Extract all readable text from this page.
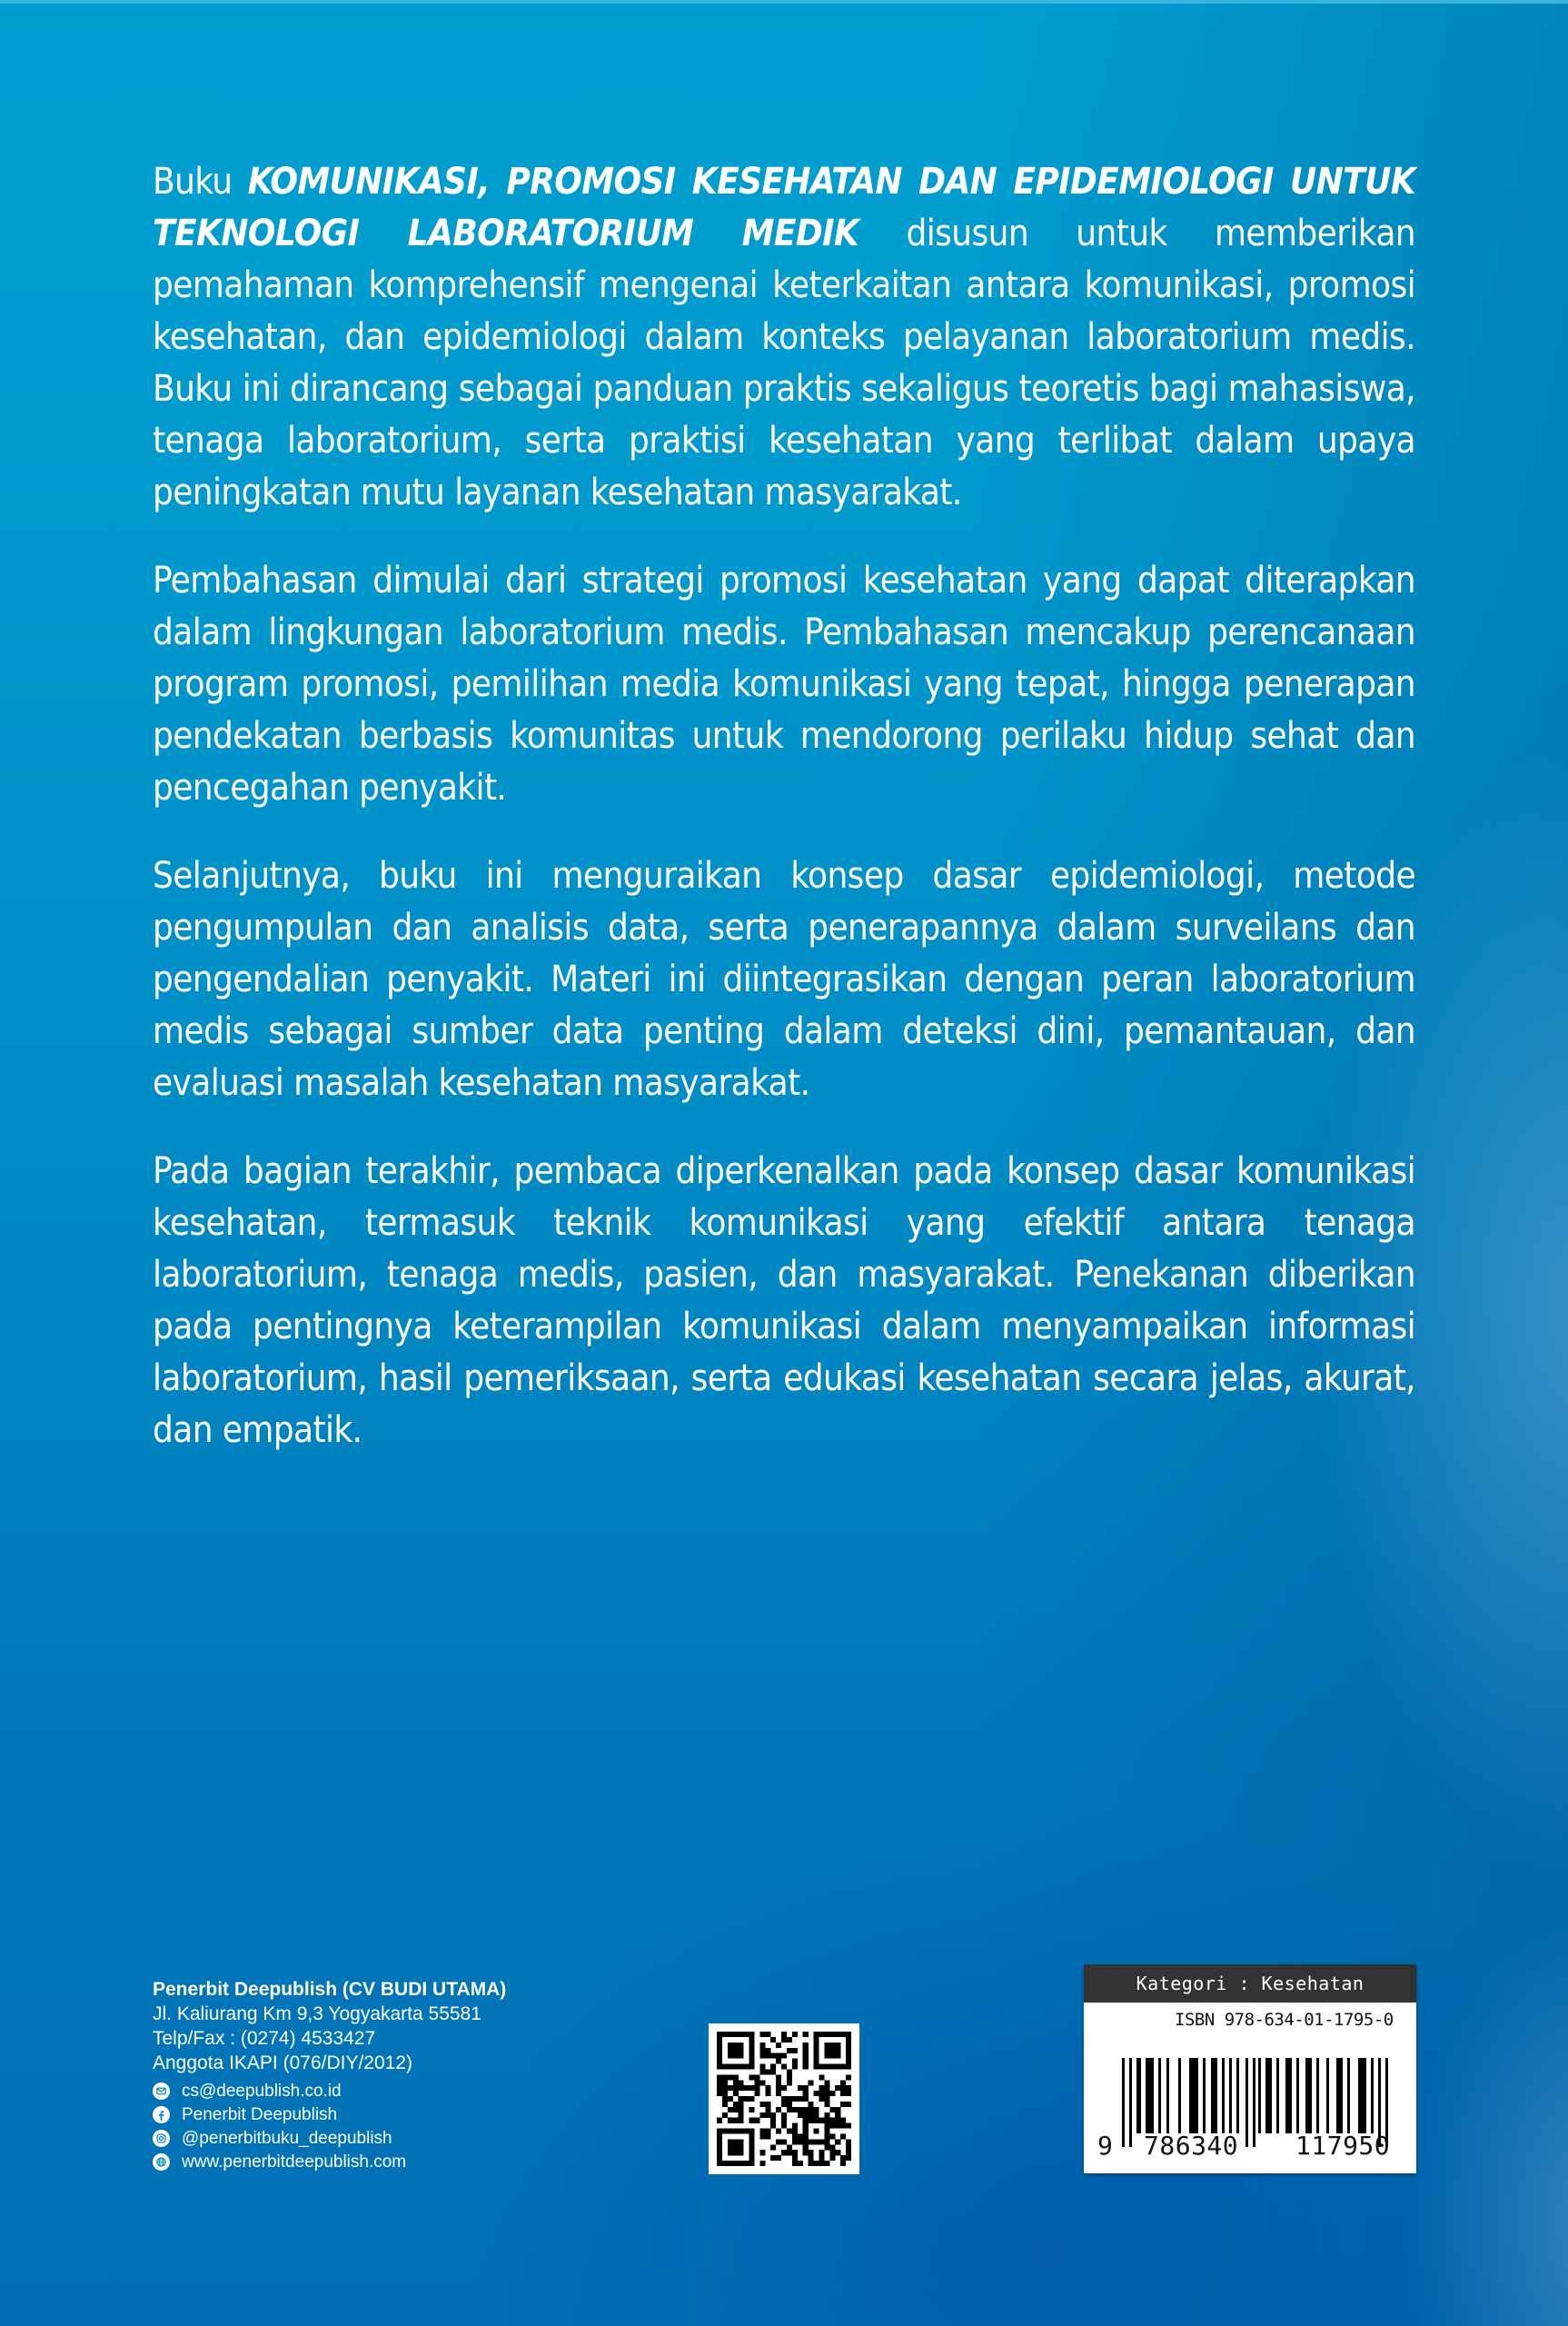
Buku KOMUNIKASI, PROMOSI KESEHATAN DAN EPIDEMIOLOGI UNTUK TEKNOLOGI LABORATORIUM MEDIK disusun untuk memberikan pemahaman komprehensif mengenai keterkaitan antara komunikasi, promosi kesehatan, dan epidemiologi dalam konteks pelayanan laboratorium medis. Buku ini dirancang sebagai panduan praktis sekaligus teoretis bagi mahasiswa, tenaga laboratorium, serta praktisi kesehatan yang terlibat dalam upaya peningkatan mutu layanan kesehatan masyarakat.

Pembahasan dimulai dari strategi promosi kesehatan yang dapat diterapkan dalam lingkungan laboratorium medis. Pembahasan mencakup perencanaan program promosi, pemilihan media komunikasi yang tepat, hingga penerapan pendekatan berbasis komunitas untuk mendorong perilaku hidup sehat dan pencegahan penyakit.

Selanjutnya, buku ini menguraikan konsep dasar epidemiologi, metode pengumpulan dan analisis data, serta penerapannya dalam surveilans dan pengendalian penyakit. Materi ini diintegrasikan dengan peran laboratorium medis sebagai sumber data penting dalam deteksi dini, pemantauan, dan evaluasi masalah kesehatan masyarakat.

Pada bagian terakhir, pembaca diperkenalkan pada konsep dasar komunikasi kesehatan, termasuk teknik komunikasi yang efektif antara tenaga laboratorium, tenaga medis, pasien, dan masyarakat. Penekanan diberikan pada pentingnya keterampilan komunikasi dalam menyampaikan informasi laboratorium, hasil pemeriksaan, serta edukasi kesehatan secara jelas, akurat, dan empatik.

Penerbit Deepublish (CV BUDI UTAMA)
Jl. Kaliurang Km 9,3 Yogyakarta 55581
Telp/Fax : (0274) 4533427
Anggota IKAPI (076/DIY/2012)
cs@deepublish.co.id
Penerbit Deepublish
@penerbitbuku_deepublish
www.penerbitdeepublish.com
Kategori : Kesehatan
ISBN 978-634-01-1795-0
9 786340 117950
